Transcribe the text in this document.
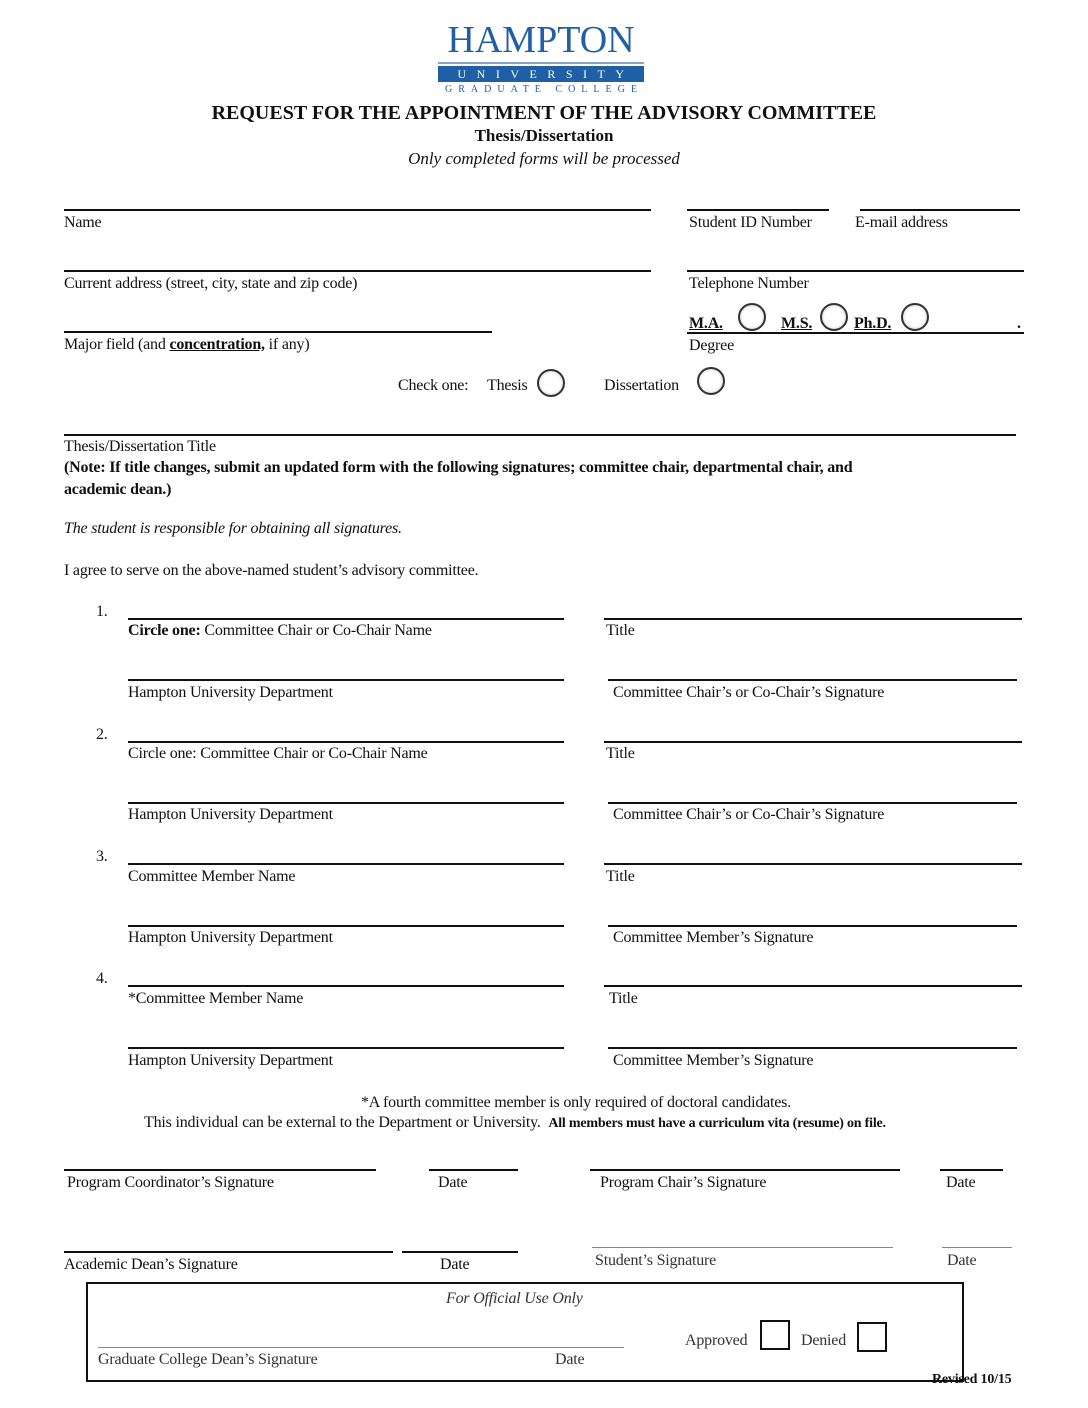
HAMPTON
UNIVERSITY
GRADUATE COLLEGE
REQUEST FOR THE APPOINTMENT OF THE ADVISORY COMMITTEE
Thesis/Dissertation
Only completed forms will be processed
Name	Student ID Number	E-mail address
Current address (street, city, state and zip code)	Telephone Number
Major field (and concentration, if any)
M.A.	M.S.	Ph.D.	.
Degree
Check one: Thesis	Dissertation
Thesis/Dissertation Title
(Note: If title changes, submit an updated form with the following signatures; committee chair, departmental chair, and
academic dean.)
The student is responsible for obtaining all signatures.
I agree to serve on the above-named student’s advisory committee.
1.
Circle one: Committee Chair or Co-Chair Name	Title
Hampton University Department	Committee Chair’s or Co-Chair’s Signature
2.
Circle one: Committee Chair or Co-Chair Name	Title
Hampton University Department	Committee Chair’s or Co-Chair’s Signature
3.
Committee Member Name	Title
Hampton University Department	Committee Member’s Signature
4.
*Committee Member Name	Title
Hampton University Department	Committee Member’s Signature
*A fourth committee member is only required of doctoral candidates.
This individual can be external to the Department or University. All members must have a curriculum vita (resume) on file.
Program Coordinator’s Signature	Date	Program Chair’s Signature	Date
Academic Dean’s Signature	Date	Student’s Signature	Date
For Official Use Only
Graduate College Dean’s Signature	Date
Approved	Denied
Revised 10/15
